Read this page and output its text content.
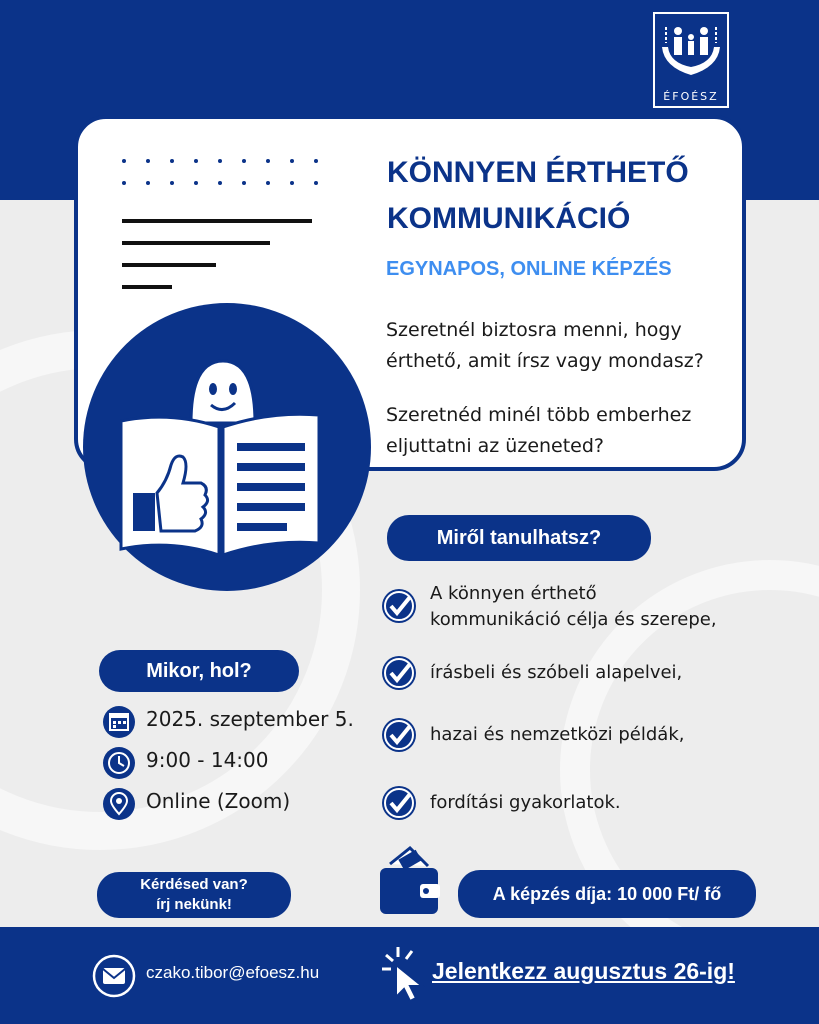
ÉFOÉSZ
KÖNNYEN ÉRTHETŐ
KOMMUNIKÁCIÓ
EGYNAPOS, ONLINE KÉPZÉS
Szeretnél biztosra menni, hogy érthető, amit írsz vagy mondasz?
Szeretnéd minél több emberhez eljuttatni az üzeneted?
Miről tanulhatsz?
A könnyen érthető
kommunikáció célja és szerepe,
írásbeli és szóbeli alapelvei,
hazai és nemzetközi példák,
fordítási gyakorlatok.
Mikor, hol?
2025. szeptember 5.
9:00 - 14:00
Online (Zoom)
Kérdésed van?
írj nekünk!
A képzés díja: 10 000 Ft/ fő
czako.tibor@efoesz.hu	Jelentkezz augusztus 26-ig!
